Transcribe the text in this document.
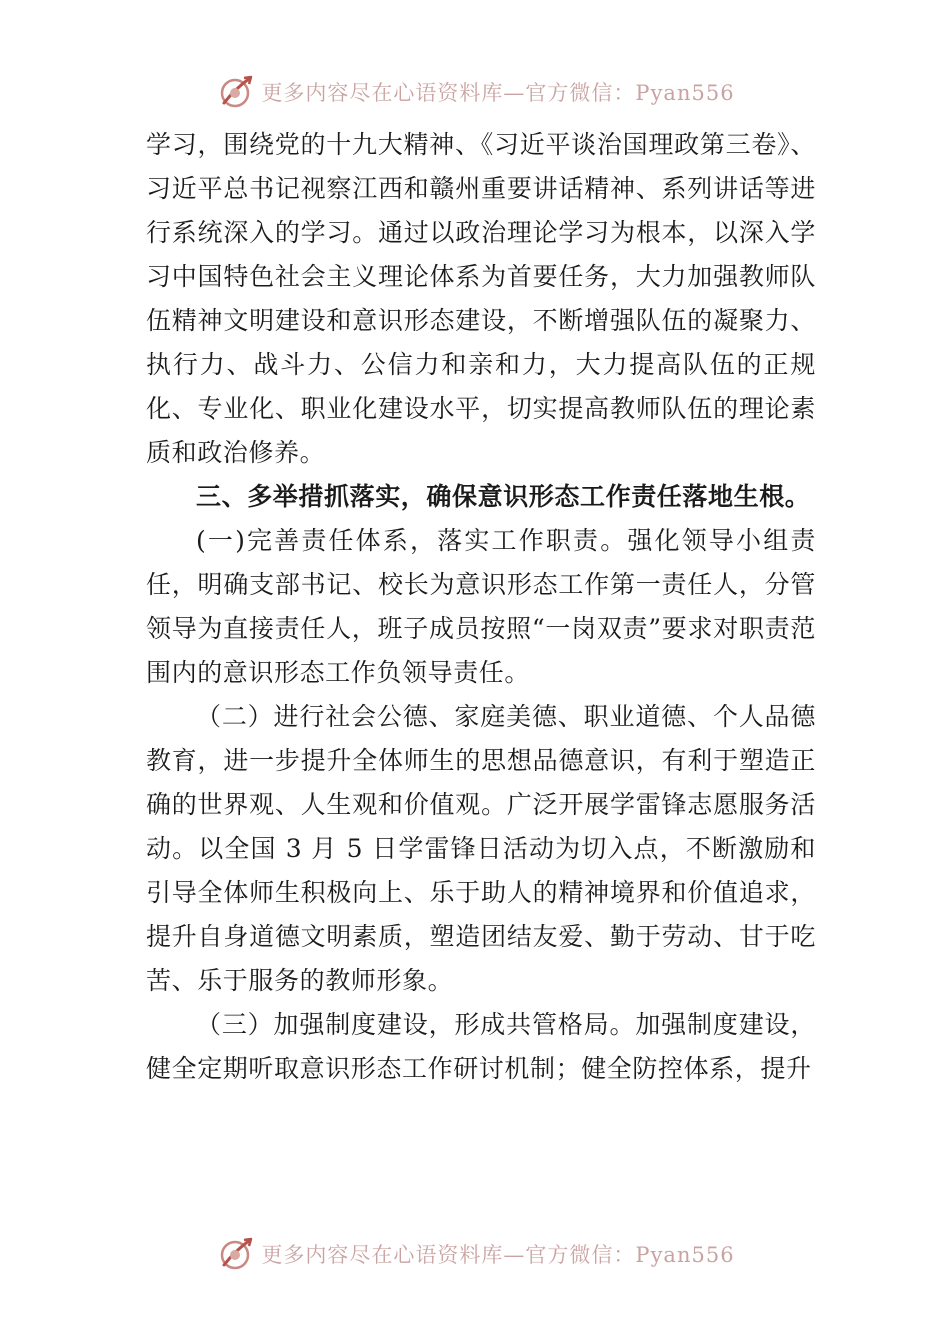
更多内容尽在心语资料库—官方微信：Pyan556

学习，围绕党的十九大精神、《习近平谈治国理政第三卷》、习近平总书记视察江西和赣州重要讲话精神、系列讲话等进行系统深入的学习。通过以政治理论学习为根本，以深入学习中国特色社会主义理论体系为首要任务，大力加强教师队伍精神文明建设和意识形态建设，不断增强队伍的凝聚力、执行力、战斗力、公信力和亲和力，大力提高队伍的正规化、专业化、职业化建设水平，切实提高教师队伍的理论素质和政治修养。

三、多举措抓落实，确保意识形态工作责任落地生根。

(一)完善责任体系，落实工作职责。强化领导小组责任，明确支部书记、校长为意识形态工作第一责任人，分管领导为直接责任人，班子成员按照“一岗双责”要求对职责范围内的意识形态工作负领导责任。

（二）进行社会公德、家庭美德、职业道德、个人品德教育，进一步提升全体师生的思想品德意识，有利于塑造正确的世界观、人生观和价值观。广泛开展学雷锋志愿服务活动。以全国 3 月 5 日学雷锋日活动为切入点，不断激励和引导全体师生积极向上、乐于助人的精神境界和价值追求，提升自身道德文明素质，塑造团结友爱、勤于劳动、甘于吃苦、乐于服务的教师形象。

（三）加强制度建设，形成共管格局。加强制度建设，健全定期听取意识形态工作研讨机制；健全防控体系，提升

更多内容尽在心语资料库—官方微信：Pyan556
